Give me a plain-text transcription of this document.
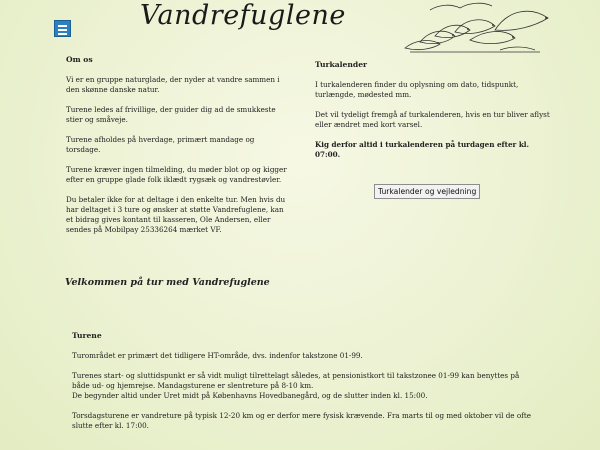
Vandrefuglene
Om os

Vi er en gruppe naturglade, der nyder at vandre sammen i den skønne danske natur.

Turene ledes af frivillige, der guider dig ad de smukkeste stier og småveje.

Turene afholdes på hverdage, primært mandage og torsdage.

Turene kræver ingen tilmelding, du møder blot op og kigger efter en gruppe glade folk iklædt rygsæk og vandrestøvler.

Du betaler ikke for at deltage i den enkelte tur. Men hvis du har deltaget i 3 ture og ønsker at støtte Vandrefuglene, kan et bidrag gives kontant til kasseren, Ole Andersen, eller sendes på Mobilpay 25336264 mærket VF.

Turkalender

I turkalenderen finder du oplysning om dato, tidspunkt, turlængde, mødested mm.

Det vil tydeligt fremgå af turkalenderen, hvis en tur bliver aflyst eller ændret med kort varsel.

Kig derfor altid i turkalenderen på turdagen efter kl. 07:00.

Turkalender og vejledning
Velkommen på tur med Vandrefuglene
Turene

Turområdet er primært det tidligere HT-område, dvs. indenfor takstzone 01-99.

Turenes start- og sluttidspunkt er så vidt muligt tilrettelagt således, at pensionistkort til takstzonee 01-99 kan benyttes på både ud- og hjemrejse. Mandagsturene er slentreture på 8-10 km.

De begynder altid under Uret midt på Københavns Hovedbanegård, og de slutter inden kl. 15:00.

Torsdagsturene er vandreture på typisk 12-20 km og er derfor mere fysisk krævende. Fra marts til og med oktober vil de ofte slutte efter kl. 17:00.
